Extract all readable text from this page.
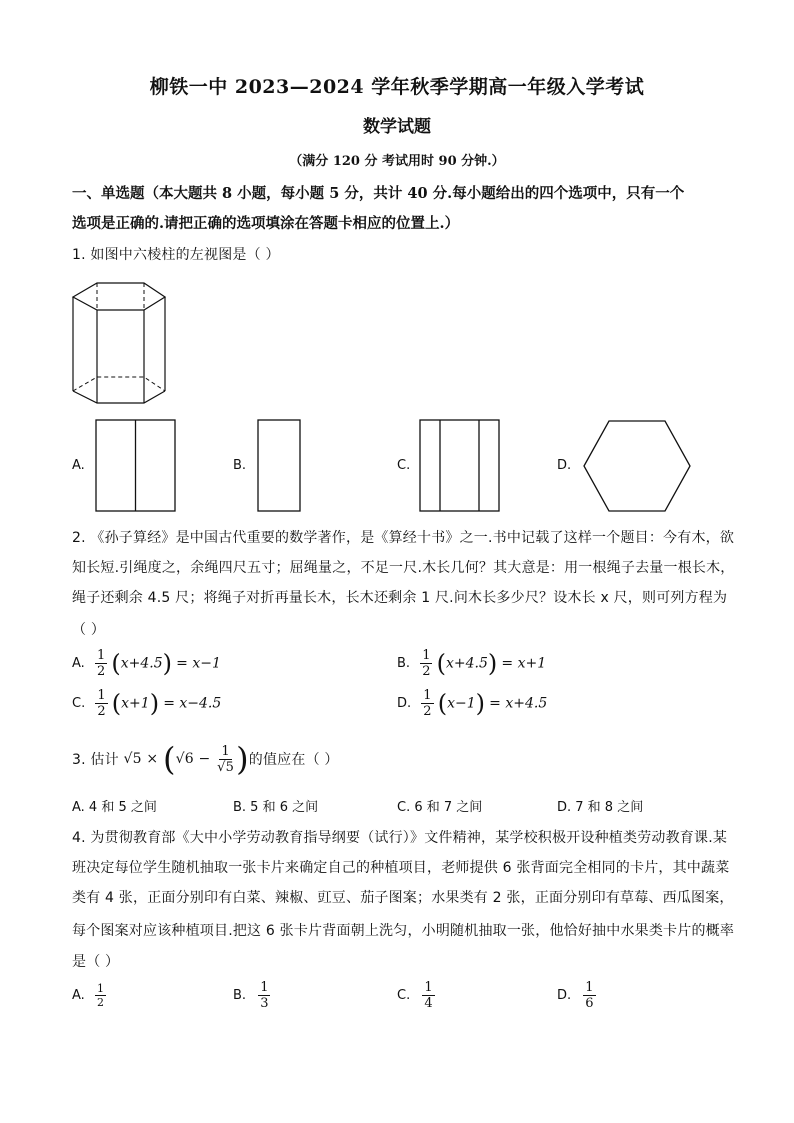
柳铁一中 2023—2024 学年秋季学期高一年级入学考试
数学试题
（满分 120 分 考试用时 90 分钟.）
一、单选题（本大题共 8 小题，每小题 5 分，共计 40 分.每小题给出的四个选项中，只有一个
选项是正确的.请把正确的选项填涂在答题卡相应的位置上.）
1. 如图中六棱柱的左视图是（ ）
A.	B.	C.	D.
2. 《孙子算经》是中国古代重要的数学著作，是《算经十书》之一.书中记载了这样一个题目：今有木，欲
知长短.引绳度之，余绳四尺五寸；屈绳量之，不足一尺.木长几何？其大意是：用一根绳子去量一根长木，
绳子还剩余 4.5 尺；将绳子对折再量长木，长木还剩余 1 尺.问木长多少尺？设木长 x 尺，则可列方程为
（ ）
A. $\frac{1}{2} (x+4.5) = x-1$	B. $\frac{1}{2} (x+4.5) = x+1$
C. $\frac{1}{2} (x+1) = x-4.5$	D. $\frac{1}{2} (x-1) = x+4.5$
3. 估计 $√5 \times (√6 - \frac{1}{√5}$ )的值应在（ ）
A. 4 和 5 之间	B. 5 和 6 之间	C. 6 和 7 之间	D. 7 和 8 之间
4. 为贯彻教育部《大中小学劳动教育指导纲要（试行）》文件精神，某学校积极开设种植类劳动教育课.某
班决定每位学生随机抽取一张卡片来确定自己的种植项目，老师提供 6 张背面完全相同的卡片，其中蔬菜
类有 4 张，正面分别印有白菜、辣椒、豇豆、茄子图案；水果类有 2 张，正面分别印有草莓、西瓜图案，
每个图案对应该种植项目.把这 6 张卡片背面朝上洗匀，小明随机抽取一张，他恰好抽中水果类卡片的概率
是（ ）
A. $\frac{1}{2}$	B. $\frac{1}{3}$	C. $\frac{1}{4}$	D. $\frac{1}{6}$
